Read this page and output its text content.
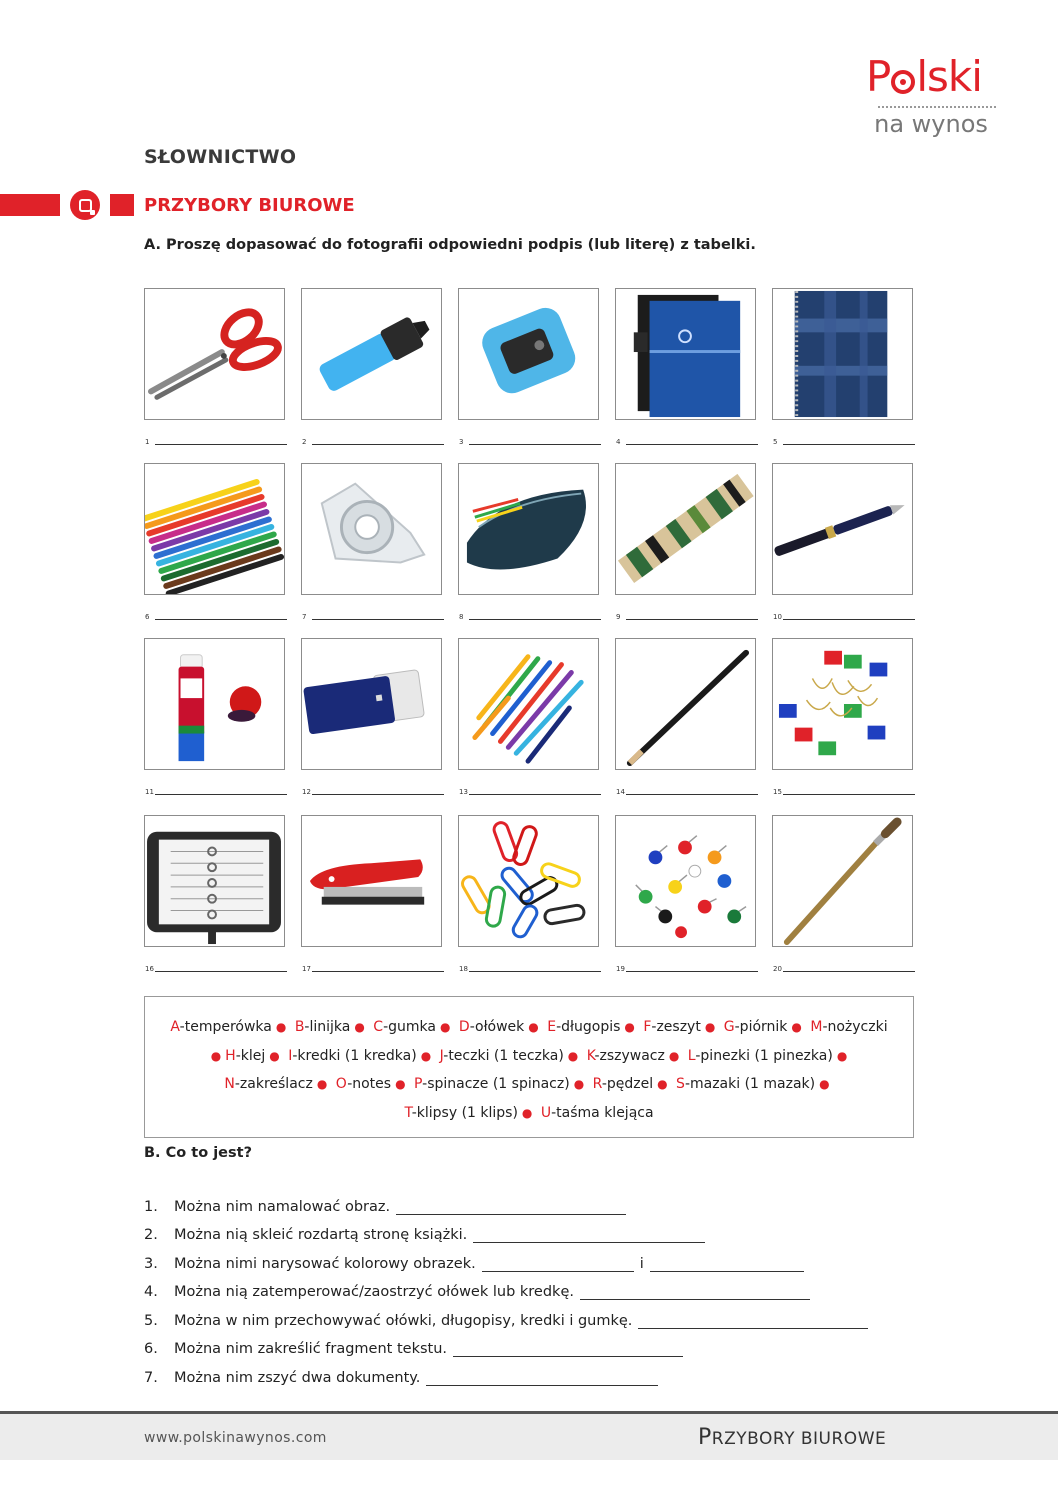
P lski
na wynos
SŁOWNICTWO
PRZYBORY BIUROWE
A. Proszę dopasować do fotografii odpowiedni podpis (lub literę) z tabelki.
1	2	3	4	5
6	7	8	9	10
11	12	13	14	15
16	17	18	19	20
A-temperówka ● B-linijka ● C-gumka ● D-ołówek ● E-długopis ● F-zeszyt ● G-piórnik ● M-nożyczki
● H-klej ● I-kredki (1 kredka) ● J-teczki (1 teczka) ● K-zszywacz ● L-pinezki (1 pinezka) ●
N-zakreślacz ● O-notes ● P-spinacze (1 spinacz) ● R-pędzel ● S-mazaki (1 mazak) ●
T-klipsy (1 klips) ● U-taśma klejąca
B. Co to jest?
1.	Można nim namalować obraz.
2.	Można nią skleić rozdartą stronę książki.
3.	Można nimi narysować kolorowy obrazek.	i
4.	Można nią zatemperować/zaostrzyć ołówek lub kredkę.
5.	Można w nim przechowywać ołówki, długopisy, kredki i gumkę.
6.	Można nim zakreślić fragment tekstu.
7.	Można nim zszyć dwa dokumenty.
www.polskinawynos.com	PRZYBORY BIUROWE
